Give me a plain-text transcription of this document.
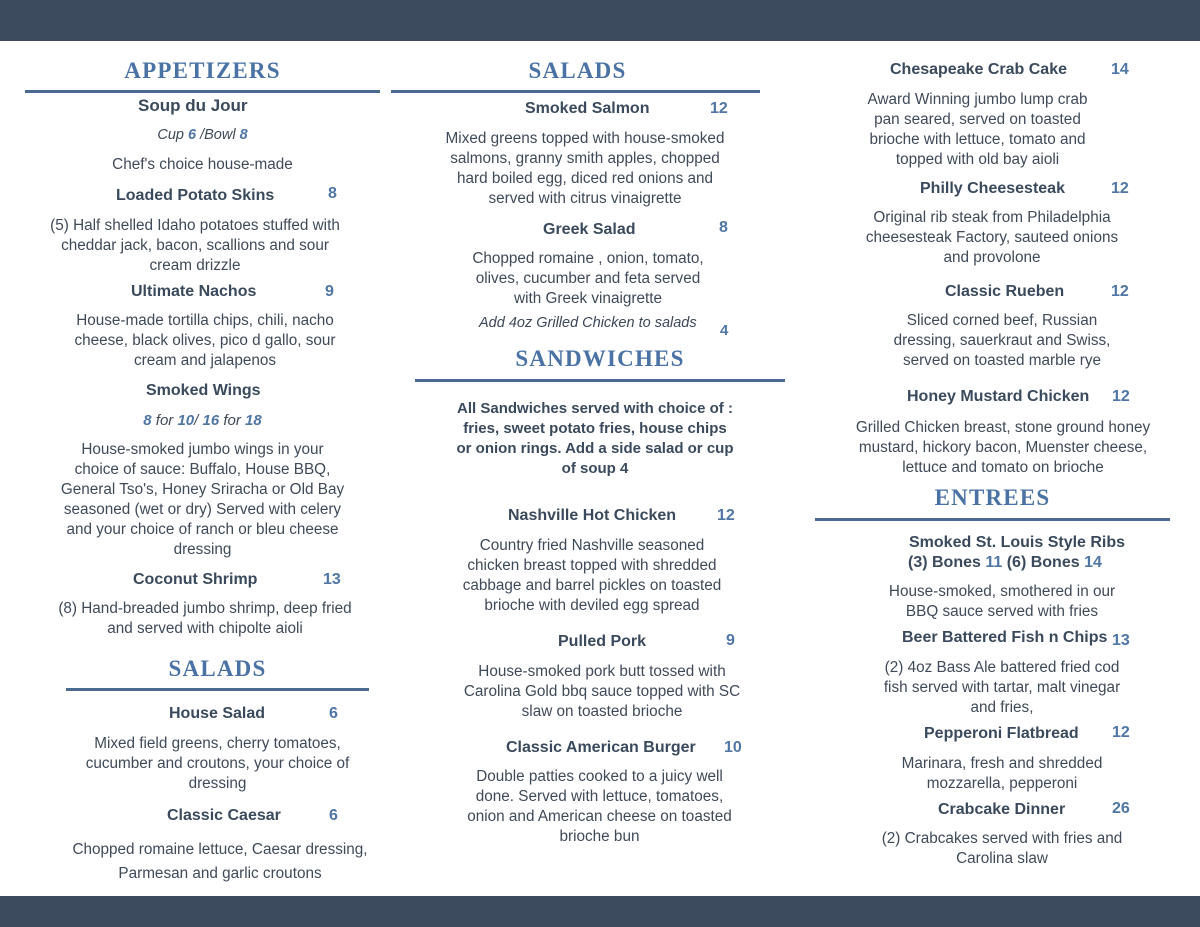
APPETIZERS
Soup du Jour
Cup 6 /Bowl 8
Chef's choice house-made
Loaded Potato Skins	8
(5) Half shelled Idaho potatoes stuffed with cheddar jack, bacon, scallions and sour cream drizzle
Ultimate Nachos	9
House-made tortilla chips, chili, nacho cheese, black olives, pico d gallo, sour cream and jalapenos
Smoked Wings
8 for 10/ 16 for 18
House-smoked jumbo wings in your choice of sauce: Buffalo, House BBQ, General Tso's, Honey Sriracha or Old Bay seasoned (wet or dry) Served with celery and your choice of ranch or bleu cheese dressing
Coconut Shrimp	13
(8) Hand-breaded jumbo shrimp, deep fried and served with chipolte aioli
SALADS
House Salad	6
Mixed field greens, cherry tomatoes, cucumber and croutons, your choice of dressing
Classic Caesar	6
Chopped romaine lettuce, Caesar dressing,
Parmesan and garlic croutons
SALADS
Smoked Salmon	12
Mixed greens topped with house-smoked salmons, granny smith apples, chopped hard boiled egg, diced red onions and served with citrus vinaigrette
Greek Salad	8
Chopped romaine , onion, tomato, olives, cucumber and feta served with Greek vinaigrette
Add 4oz Grilled Chicken to salads 4
SANDWICHES
All Sandwiches served with choice of : fries, sweet potato fries, house chips or onion rings. Add a side salad or cup of soup 4
Nashville Hot Chicken	12
Country fried Nashville seasoned chicken breast topped with shredded cabbage and barrel pickles on toasted brioche with deviled egg spread
Pulled Pork	9
House-smoked pork butt tossed with Carolina Gold bbq sauce topped with SC slaw on toasted brioche
Classic American Burger 10
Double patties cooked to a juicy well done. Served with lettuce, tomatoes, onion and American cheese on toasted brioche bun
Chesapeake Crab Cake	14
Award Winning jumbo lump crab pan seared, served on toasted brioche with lettuce, tomato and topped with old bay aioli
Philly Cheesesteak	12
Original rib steak from Philadelphia cheesesteak Factory, sauteed onions and provolone
Classic Rueben	12
Sliced corned beef, Russian dressing, sauerkraut and Swiss, served on toasted marble rye
Honey Mustard Chicken 12
Grilled Chicken breast, stone ground honey mustard, hickory bacon, Muenster cheese, lettuce and tomato on brioche
ENTREES
Smoked St. Louis Style Ribs
(3) Bones 11 (6) Bones 14
House-smoked, smothered in our BBQ sauce served with fries
Beer Battered Fish n Chips 13
(2) 4oz Bass Ale battered fried cod fish served with tartar, malt vinegar and fries,
Pepperoni Flatbread 12
Marinara, fresh and shredded mozzarella, pepperoni
Crabcake Dinner	26
(2) Crabcakes served with fries and Carolina slaw
